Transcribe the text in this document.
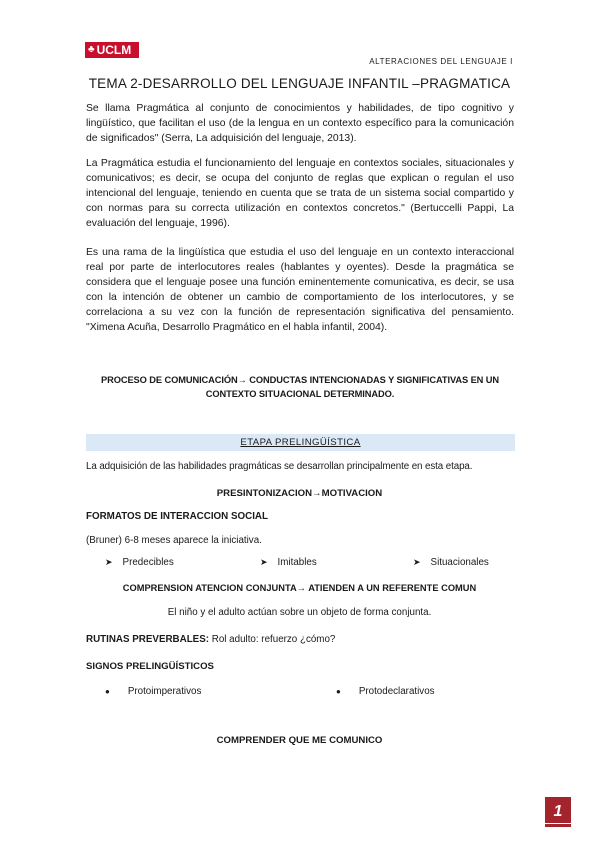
♣ UCLM
ALTERACIONES DEL LENGUAJE I
TEMA 2-DESARROLLO DEL LENGUAJE INFANTIL –PRAGMATICA
Se llama Pragmática al conjunto de conocimientos y habilidades, de tipo cognitivo y lingüístico, que facilitan el uso (de la lengua en un contexto específico para la comunicación de significados" (Serra, La adquisición del lenguaje, 2013).
La Pragmática estudia el funcionamiento del lenguaje en contextos sociales, situacionales y comunicativos; es decir, se ocupa del conjunto de reglas que explican o regulan el uso intencional del lenguaje, teniendo en cuenta que se trata de un sistema social compartido y con normas para su correcta utilización en contextos concretos." (Bertuccelli Pappi, La evaluación del lenguaje, 1996).
Es una rama de la lingüística que estudia el uso del lenguaje en un contexto interaccional real por parte de interlocutores reales (hablantes y oyentes). Desde la pragmática se considera que el lenguaje posee una función eminentemente comunicativa, es decir, se usa con la intención de obtener un cambio de comportamiento de los interlocutores, y se correlaciona a su vez con la función de representación significativa del pensamiento. "Ximena Acuña, Desarrollo Pragmático en el habla infantil, 2004).
PROCESO DE COMUNICACIÓN→ CONDUCTAS INTENCIONADAS Y SIGNIFICATIVAS EN UN CONTEXTO SITUACIONAL DETERMINADO.
ETAPA PRELINGÜÍSTICA
La adquisición de las habilidades pragmáticas se desarrollan principalmente en esta etapa.
PRESINTONIZACION→MOTIVACION
FORMATOS DE INTERACCION SOCIAL
(Bruner) 6-8 meses aparece la iniciativa.
➤ Predecibles	➤ Imitables	➤ Situacionales
COMPRENSION ATENCION CONJUNTA→ ATIENDEN A UN REFERENTE COMUN
El niño y el adulto actúan sobre un objeto de forma conjunta.
RUTINAS PREVERBALES: Rol adulto: refuerzo ¿cómo?
SIGNOS PRELINGÜÍSTICOS
● Protoimperativos	● Protodeclarativos
COMPRENDER QUE ME COMUNICO
1
